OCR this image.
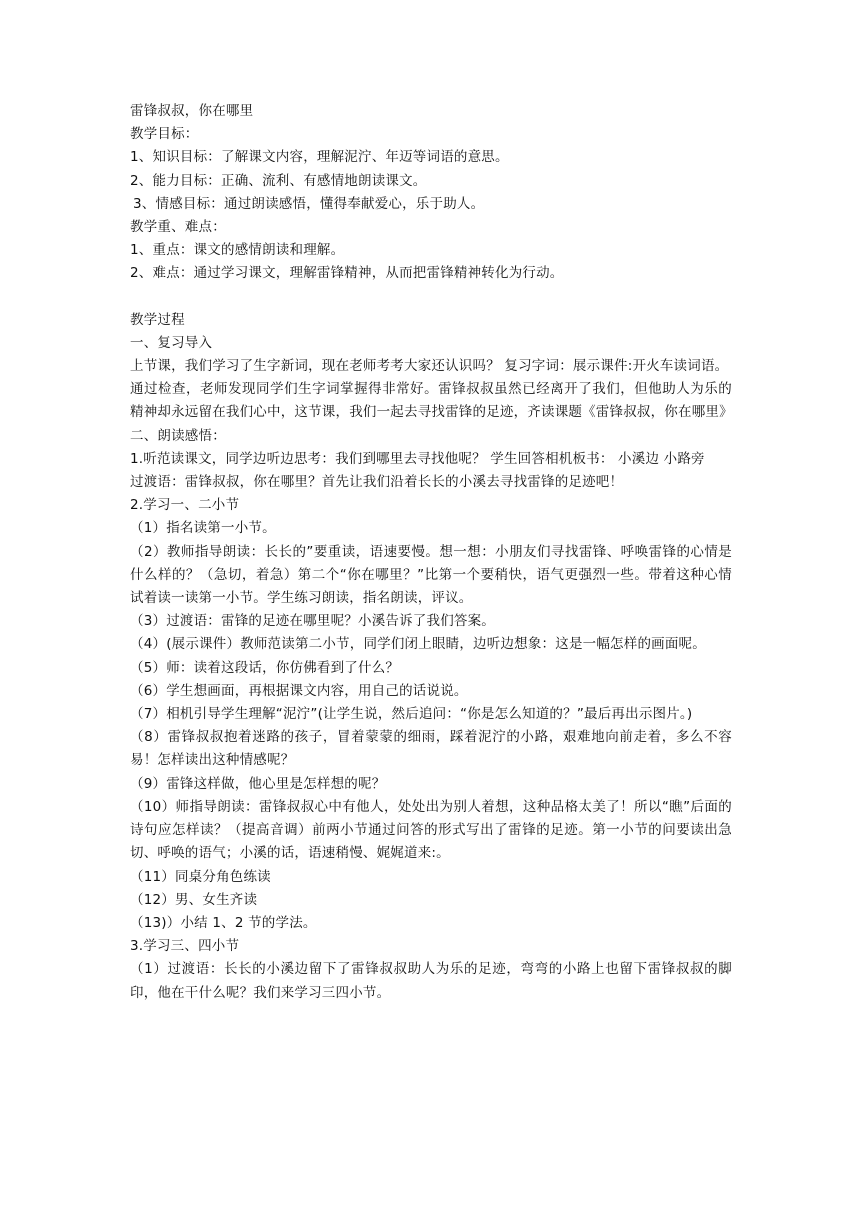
雷锋叔叔，你在哪里

教学目标：

1、知识目标：了解课文内容，理解泥泞、年迈等词语的意思。

2、能力目标：正确、流利、有感情地朗读课文。

3、情感目标：通过朗读感悟，懂得奉献爱心，乐于助人。

教学重、难点：

1、重点：课文的感情朗读和理解。

2、难点：通过学习课文，理解雷锋精神，从而把雷锋精神转化为行动。

教学过程

一、复习导入

上节课，我们学习了生字新词，现在老师考考大家还认识吗？ 复习字词：展示课件:开火车读词语。

通过检查，老师发现同学们生字词掌握得非常好。雷锋叔叔虽然已经离开了我们，但他助人为乐的精神却永远留在我们心中，这节课，我们一起去寻找雷锋的足迹，齐读课题《雷锋叔叔，你在哪里》

二、朗读感悟：

1.听范读课文，同学边听边思考：我们到哪里去寻找他呢？ 学生回答相机板书： 小溪边 小路旁

过渡语：雷锋叔叔，你在哪里？首先让我们沿着长长的小溪去寻找雷锋的足迹吧！

2.学习一、二小节

（1）指名读第一小节。

（2）教师指导朗读：长长的”要重读，语速要慢。想一想：小朋友们寻找雷锋、呼唤雷锋的心情是什么样的？（急切，着急）第二个“你在哪里？”比第一个要稍快，语气更强烈一些。带着这种心情试着读一读第一小节。学生练习朗读，指名朗读，评议。

（3）过渡语：雷锋的足迹在哪里呢？小溪告诉了我们答案。

（4）(展示课件）教师范读第二小节，同学们闭上眼睛，边听边想象：这是一幅怎样的画面呢。

（5）师：读着这段话，你仿佛看到了什么？

（6）学生想画面，再根据课文内容，用自己的话说说。

（7）相机引导学生理解“泥泞”(让学生说，然后追问：“你是怎么知道的？”最后再出示图片。)

（8）雷锋叔叔抱着迷路的孩子，冒着蒙蒙的细雨，踩着泥泞的小路，艰难地向前走着，多么不容易！怎样读出这种情感呢？

（9）雷锋这样做，他心里是怎样想的呢？

（10）师指导朗读：雷锋叔叔心中有他人，处处出为别人着想，这种品格太美了！所以“瞧”后面的诗句应怎样读？（提高音调）前两小节通过问答的形式写出了雷锋的足迹。第一小节的问要读出急切、呼唤的语气；小溪的话，语速稍慢、娓娓道来:。

（11）同桌分角色练读

（12）男、女生齐读

（13)）小结 1、2 节的学法。

3.学习三、四小节

（1）过渡语：长长的小溪边留下了雷锋叔叔助人为乐的足迹，弯弯的小路上也留下雷锋叔叔的脚印，他在干什么呢？我们来学习三四小节。
